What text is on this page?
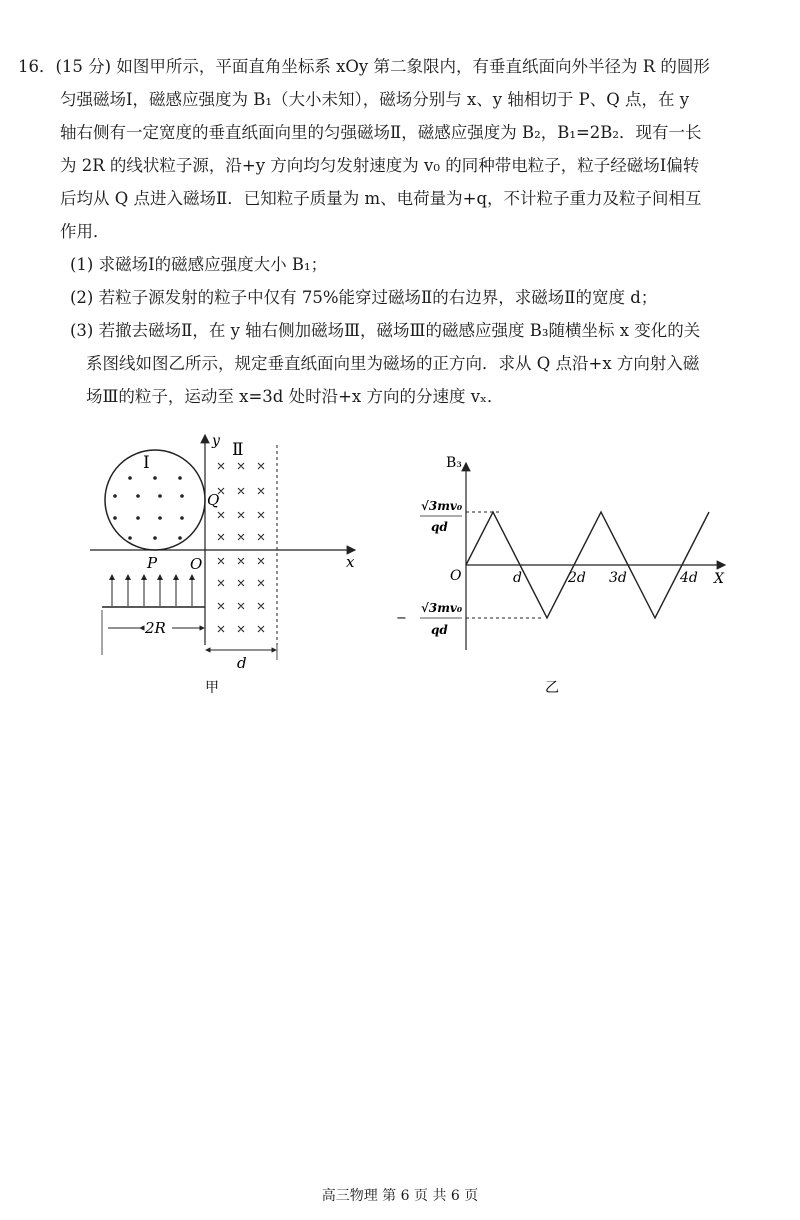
16．(15 分) 如图甲所示，平面直角坐标系 xOy 第二象限内，有垂直纸面向外半径为 R 的圆形
匀强磁场Ⅰ，磁感应强度为 B₁（大小未知），磁场分别与 x、y 轴相切于 P、Q 点，在 y
轴右侧有一定宽度的垂直纸面向里的匀强磁场Ⅱ，磁感应强度为 B₂，B₁=2B₂．现有一长
为 2R 的线状粒子源，沿+y 方向均匀发射速度为 v₀ 的同种带电粒子，粒子经磁场Ⅰ偏转
后均从 Q 点进入磁场Ⅱ．已知粒子质量为 m、电荷量为+q，不计粒子重力及粒子间相互
作用．
(1) 求磁场Ⅰ的磁感应强度大小 B₁；
(2) 若粒子源发射的粒子中仅有 75%能穿过磁场Ⅱ的右边界，求磁场Ⅱ的宽度 d；
(3) 若撤去磁场Ⅱ，在 y 轴右侧加磁场Ⅲ，磁场Ⅲ的磁感应强度 B₃随横坐标 x 变化的关
系图线如图乙所示，规定垂直纸面向里为磁场的正方向．求从 Q 点沿+x 方向射入磁
场Ⅲ的粒子，运动至 x=3d 处时沿+x 方向的分速度 vₓ．
y
x
O
P
Q
Ⅰ
Ⅱ
2R
d
甲
B₃
X
O
√3mv₀
qd
−
√3mv₀
qd
d	2d 3d	4d
乙
高三物理 第 6 页 共 6 页
